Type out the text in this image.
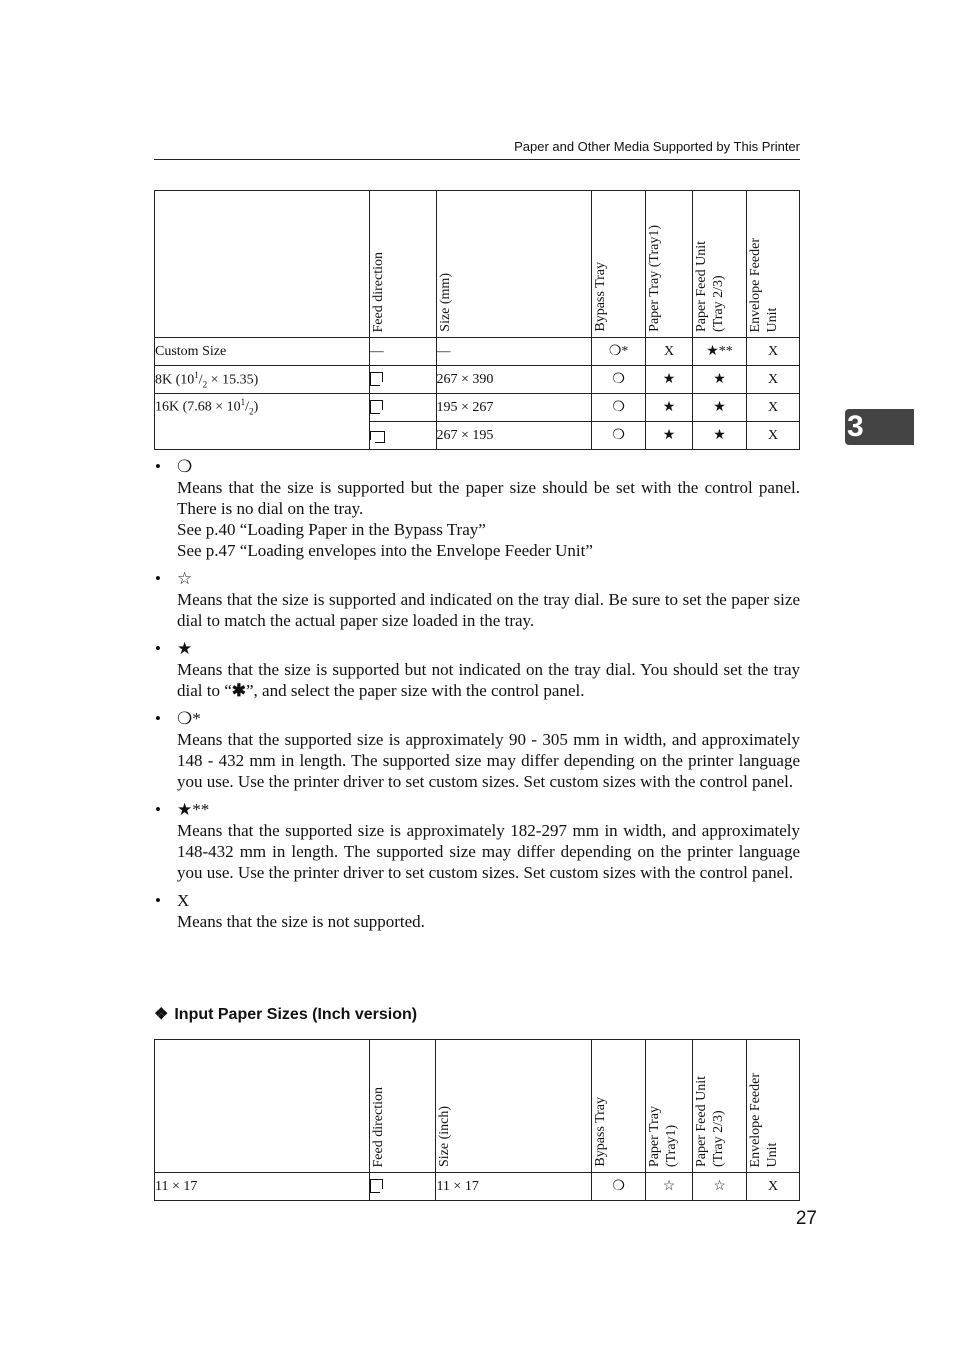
Paper and Other Media Supported by This Printer
3
	Feed direction	Size (mm)	Bypass Tray	Paper Tray (Tray1)	Paper Feed Unit (Tray 2/3)	Envelope Feeder Unit

Custom Size	—	—	❍*	X	★**	X
8K $(10^1/_2 \times 15.35)$		267 × 390	❍	★	★	X
16K $(7.68 \times 10^1/_2)$		195 × 267	❍	★	★	X
		267 × 195	❍	★	★	X
• ❍

Means that the size is supported but the paper size should be set with the control panel. There is no dial on the tray.

See p.40 “Loading Paper in the Bypass Tray”

See p.47 “Loading envelopes into the Envelope Feeder Unit”

• ☆

Means that the size is supported and indicated on the tray dial. Be sure to set the paper size dial to match the actual paper size loaded in the tray.

• ★

Means that the size is supported but not indicated on the tray dial. You should set the tray dial to “✱”, and select the paper size with the control panel.

• ❍*

Means that the supported size is approximately 90 - 305 mm in width, and approximately 148 - 432 mm in length. The supported size may differ depending on the printer language you use. Use the printer driver to set custom sizes. Set custom sizes with the control panel.

• ★**

Means that the supported size is approximately 182-297 mm in width, and approximately 148-432 mm in length. The supported size may differ depending on the printer language you use. Use the printer driver to set custom sizes. Set custom sizes with the control panel.

• X

Means that the size is not supported.

❖ Input Paper Sizes (Inch version)
	Feed direction	Size (inch)	Bypass Tray	Paper Tray (Tray1)	Paper Feed Unit (Tray 2/3)	Envelope Feeder Unit

11 × 17		11 × 17	❍	☆	☆	X
27
